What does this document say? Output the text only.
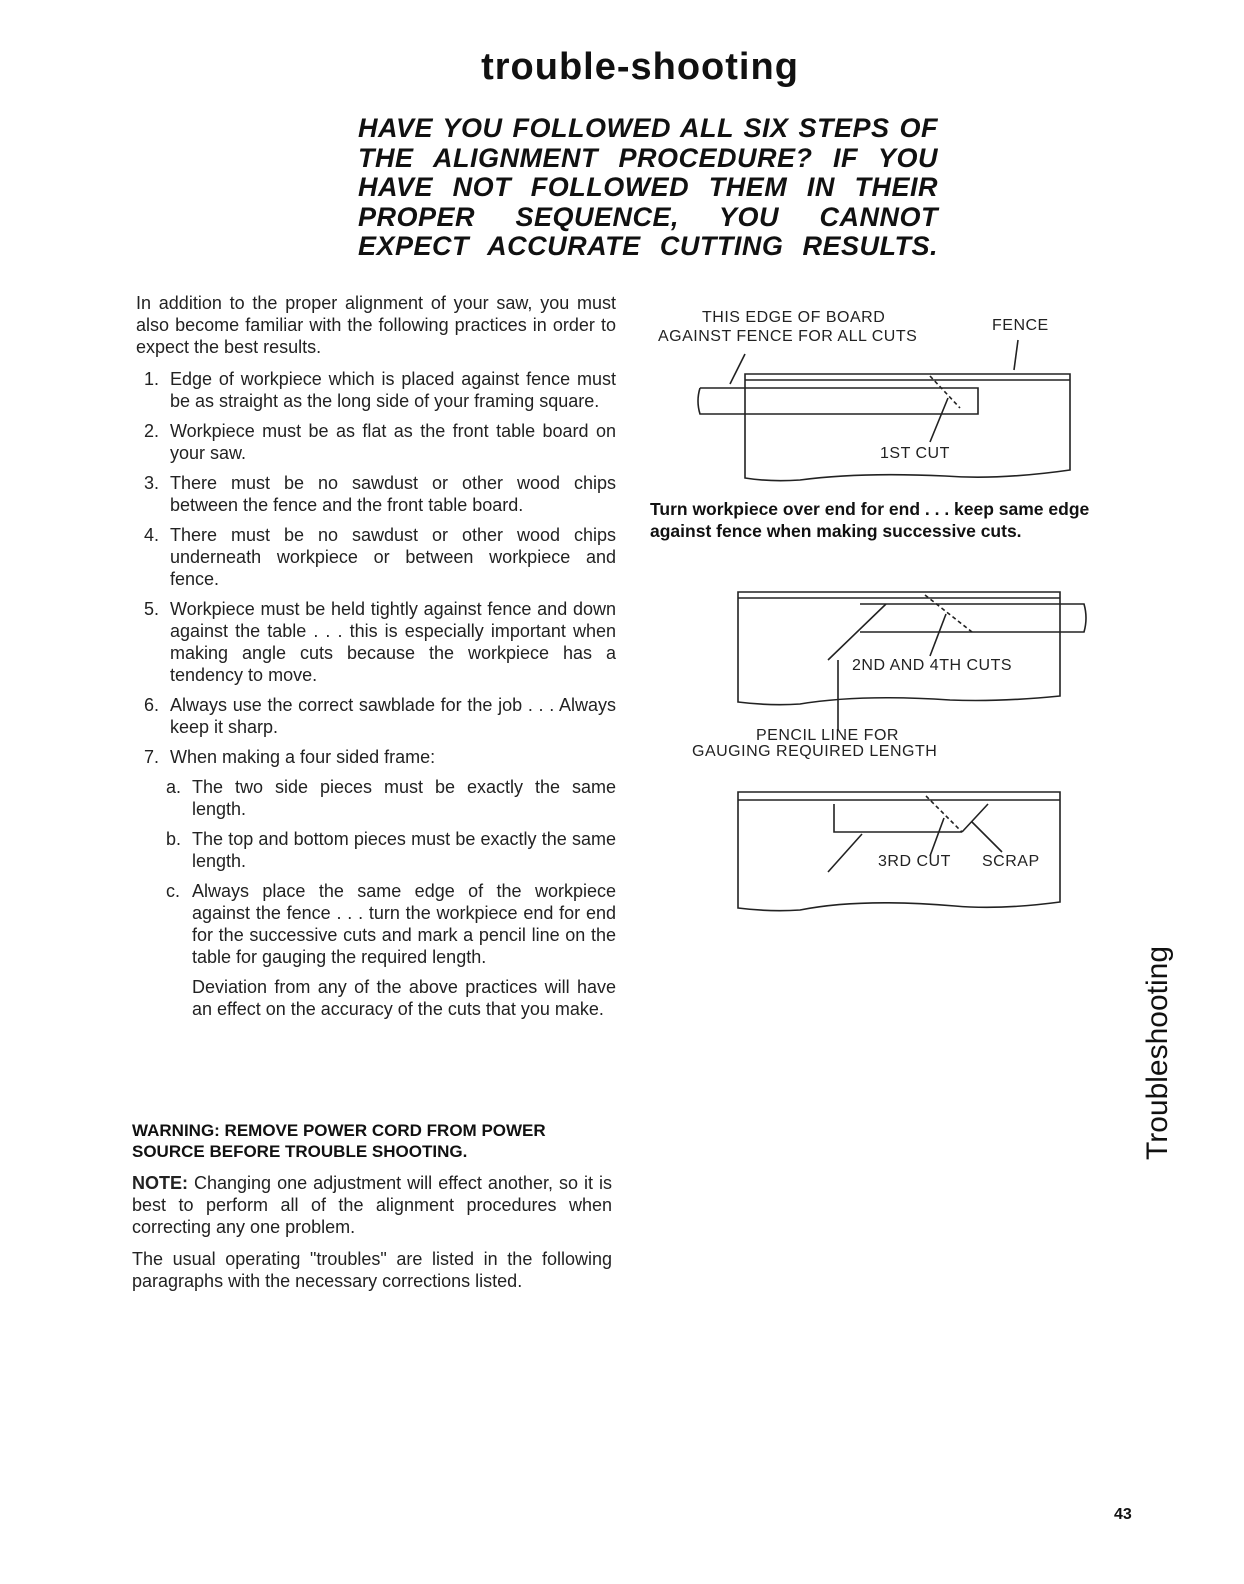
trouble-shooting
HAVE YOU FOLLOWED ALL SIX STEPS OF
THE ALIGNMENT PROCEDURE? IF YOU
HAVE NOT FOLLOWED THEM IN THEIR
PROPER SEQUENCE, YOU CANNOT
EXPECT ACCURATE CUTTING RESULTS.

In addition to the proper alignment of your saw, you must also become familiar with the following practices in order to expect the best results.

1. Edge of workpiece which is placed against fence must be as straight as the long side of your framing square.
2. Workpiece must be as flat as the front table board on your saw.
3. There must be no sawdust or other wood chips between the fence and the front table board.
4. There must be no sawdust or other wood chips underneath workpiece or between workpiece and fence.
5. Workpiece must be held tightly against fence and down against the table . . . this is especially important when making angle cuts because the workpiece has a tendency to move.
6. Always use the correct sawblade for the job . . . Always keep it sharp.
7. When making a four sided frame:
a. The two side pieces must be exactly the same length.
b. The top and bottom pieces must be exactly the same length.
c. Always place the same edge of the workpiece against the fence . . . turn the workpiece end for end for the successive cuts and mark a pencil line on the table for gauging the required length.

Deviation from any of the above practices will have an effect on the accuracy of the cuts that you make.

WARNING: REMOVE POWER CORD FROM POWER SOURCE BEFORE TROUBLE SHOOTING.

NOTE: Changing one adjustment will effect another, so it is best to perform all of the alignment procedures when correcting any one problem.

The usual operating "troubles" are listed in the following paragraphs with the necessary corrections listed.

Turn workpiece over end for end . . . keep same edge against fence when making successive cuts.
THIS EDGE OF BOARD
AGAINST FENCE FOR ALL CUTS
FENCE
1ST CUT
2ND AND 4TH CUTS
PENCIL LINE FOR
GAUGING REQUIRED LENGTH
3RD CUT SCRAP
Troubleshooting
43
